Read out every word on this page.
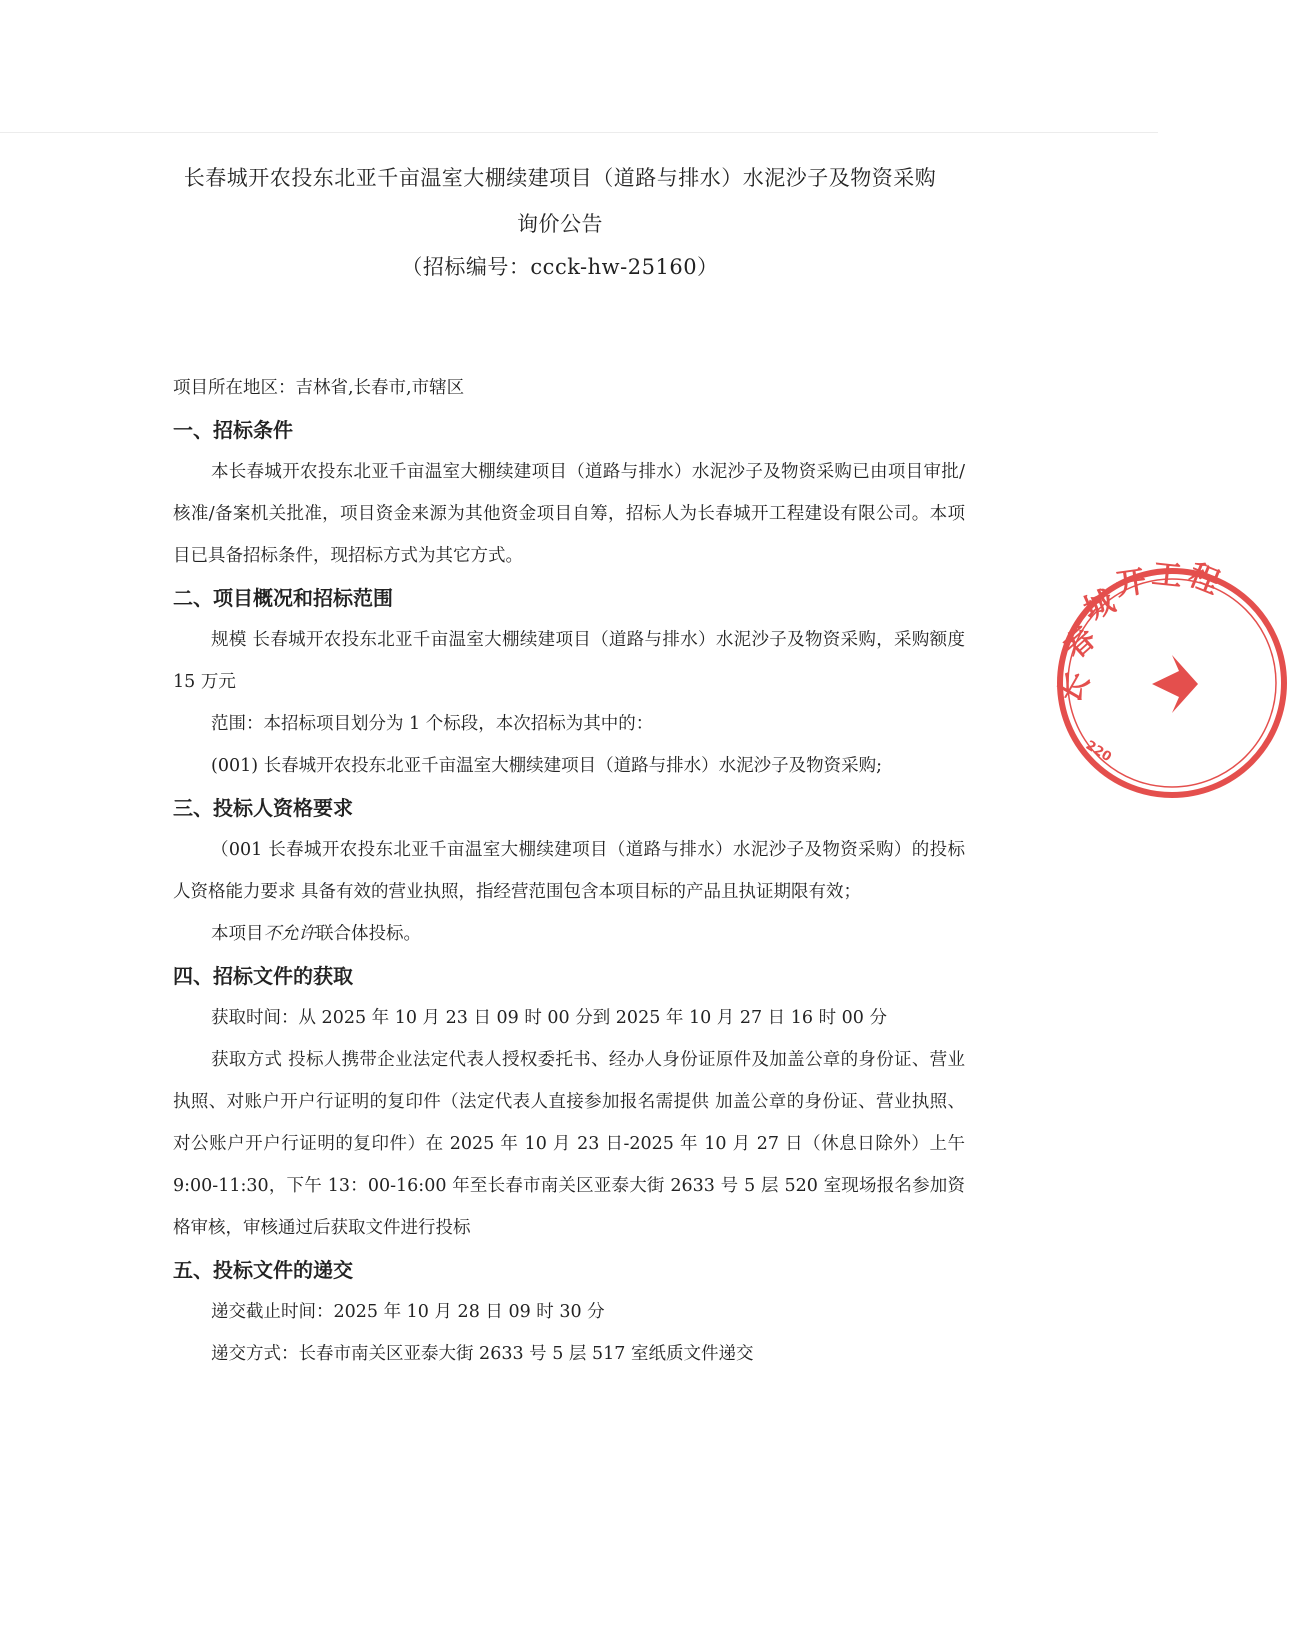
长春城开农投东北亚千亩温室大棚续建项目（道路与排水）水泥沙子及物资采购

询价公告

（招标编号：ccck-hw-25160）

项目所在地区：吉林省,长春市,市辖区

一、招标条件

本长春城开农投东北亚千亩温室大棚续建项目（道路与排水）水泥沙子及物资采购已由项目审批/核准/备案机关批准，项目资金来源为其他资金项目自筹，招标人为长春城开工程建设有限公司。本项目已具备招标条件，现招标方式为其它方式。

二、项目概况和招标范围

规模 长春城开农投东北亚千亩温室大棚续建项目（道路与排水）水泥沙子及物资采购，采购额度 15 万元

范围：本招标项目划分为 1 个标段，本次招标为其中的：

(001) 长春城开农投东北亚千亩温室大棚续建项目（道路与排水）水泥沙子及物资采购;

三、投标人资格要求

（001 长春城开农投东北亚千亩温室大棚续建项目（道路与排水）水泥沙子及物资采购）的投标人资格能力要求 具备有效的营业执照，指经营范围包含本项目标的产品且执证期限有效；

本项目不允许联合体投标。

四、招标文件的获取

获取时间：从 2025 年 10 月 23 日 09 时 00 分到 2025 年 10 月 27 日 16 时 00 分

获取方式 投标人携带企业法定代表人授权委托书、经办人身份证原件及加盖公章的身份证、营业执照、对账户开户行证明的复印件（法定代表人直接参加报名需提供 加盖公章的身份证、营业执照、对公账户开户行证明的复印件）在 2025 年 10 月 23 日-2025 年 10 月 27 日（休息日除外）上午 9:00-11:30，下午 13：00-16:00 年至长春市南关区亚泰大街 2633 号 5 层 520 室现场报名参加资格审核，审核通过后获取文件进行投标

五、投标文件的递交

递交截止时间：2025 年 10 月 28 日 09 时 30 分

递交方式：长春市南关区亚泰大街 2633 号 5 层 517 室纸质文件递交

长
春
城
开 工 程
220
